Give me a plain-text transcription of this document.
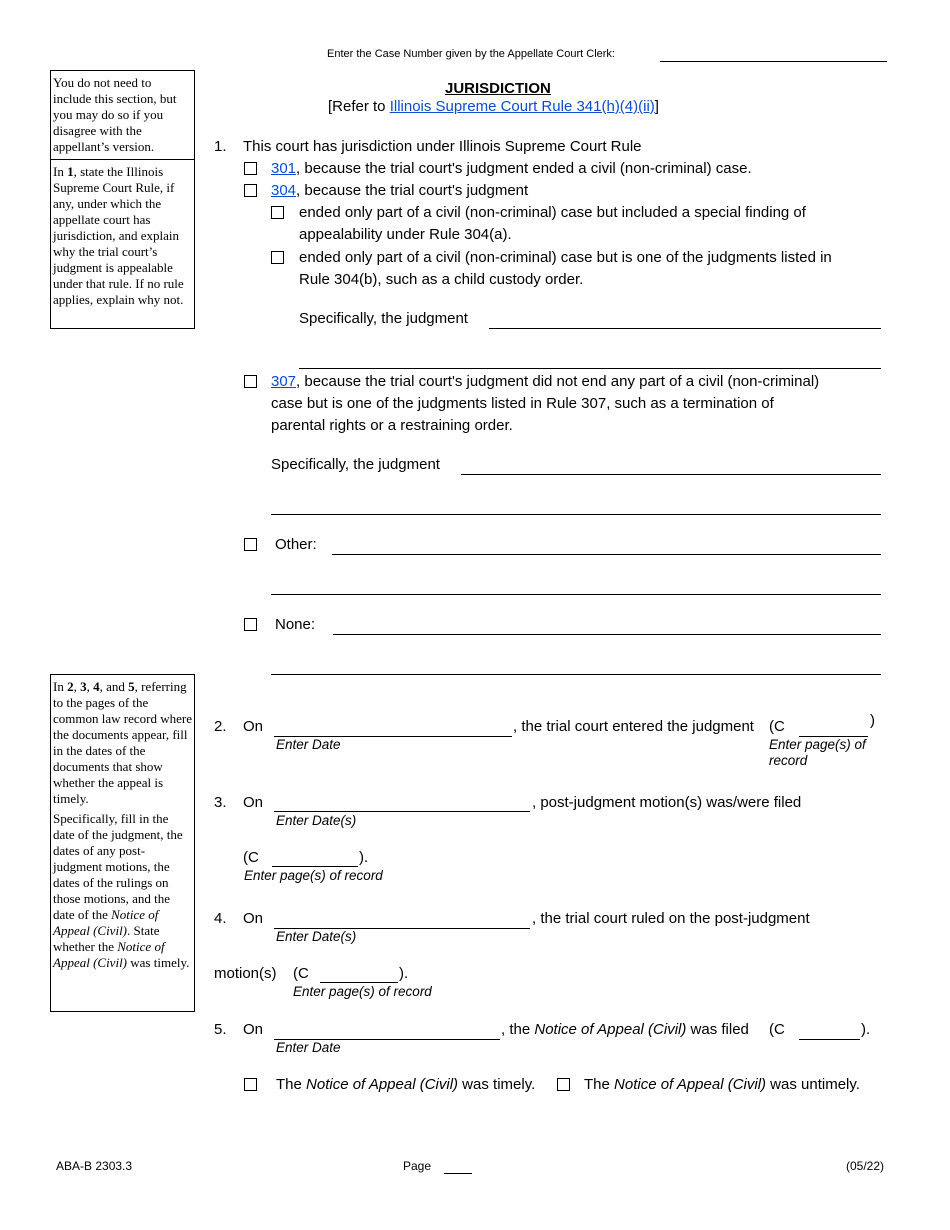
Enter the Case Number given by the Appellate Court Clerk:
JURISDICTION
[Refer to Illinois Supreme Court Rule 341(h)(4)(ii)]

You do not need to include this section, but you may do so if you disagree with the appellant’s version.

In 1, state the Illinois Supreme Court Rule, if any, under which the appellate court has jurisdiction, and explain why the trial court’s judgment is appealable under that rule. If no rule applies, explain why not.

1. This court has jurisdiction under Illinois Supreme Court Rule
301, because the trial court's judgment ended a civil (non-criminal) case.
304, because the trial court's judgment
ended only part of a civil (non-criminal) case but included a special finding of
appealability under Rule 304(a).
ended only part of a civil (non-criminal) case but is one of the judgments listed in
Rule 304(b), such as a child custody order.
Specifically, the judgment
307, because the trial court's judgment did not end any part of a civil (non-criminal)
case but is one of the judgments listed in Rule 307, such as a termination of
parental rights or a restraining order.
Specifically, the judgment
Other:
None:

In 2, 3, 4, and 5, referring to the pages of the common law record where the documents appear, fill in the dates of the documents that show whether the appeal is timely.

Specifically, fill in the date of the judgment, the dates of any post-judgment motions, the dates of the rulings on those motions, and the date of the Notice of Appeal (Civil). State whether the Notice of Appeal (Civil) was timely.

2. On	, the trial court entered the judgment (C	)
Enter Date	Enter page(s) of
record
3. On	, post-judgment motion(s) was/were filed
Enter Date(s)
(C	).
Enter page(s) of record
4. On	, the trial court ruled on the post-judgment
Enter Date(s)
motion(s) (C	).
Enter page(s) of record
5. On	, the Notice of Appeal (Civil) was filed (C	).
Enter Date
The Notice of Appeal (Civil) was timely.	The Notice of Appeal (Civil) was untimely.
ABA-B 2303.3	Page	(05/22)
